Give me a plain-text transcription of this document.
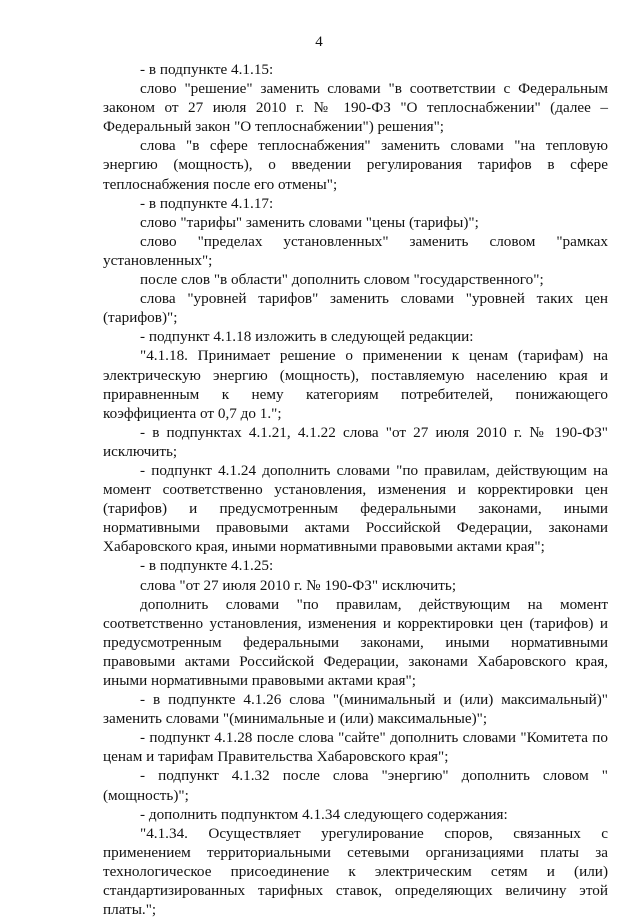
4

- в подпункте 4.1.15:

слово "решение" заменить словами "в соответствии с Федеральным законом от 27 июля 2010 г. № 190-ФЗ "О теплоснабжении" (далее – Федеральный закон "О теплоснабжении") решения";

слова "в сфере теплоснабжения" заменить словами "на тепловую энергию (мощность), о введении регулирования тарифов в сфере теплоснабжения после его отмены";

- в подпункте 4.1.17:

слово "тарифы" заменить словами "цены (тарифы)";

слово "пределах установленных" заменить словом "рамках установленных";

после слов "в области" дополнить словом "государственного";

слова "уровней тарифов" заменить словами "уровней таких цен (тарифов)";

- подпункт 4.1.18 изложить в следующей редакции:

"4.1.18. Принимает решение о применении к ценам (тарифам) на электрическую энергию (мощность), поставляемую населению края и приравненным к нему категориям потребителей, понижающего коэффициента от 0,7 до 1.";

- в подпунктах 4.1.21, 4.1.22 слова "от 27 июля 2010 г. № 190-ФЗ" исключить;

- подпункт 4.1.24 дополнить словами "по правилам, действующим на момент соответственно установления, изменения и корректировки цен (тарифов) и предусмотренным федеральными законами, иными нормативными правовыми актами Российской Федерации, законами Хабаровского края, иными нормативными правовыми актами края";

- в подпункте 4.1.25:

слова "от 27 июля 2010 г. № 190-ФЗ" исключить;

дополнить словами "по правилам, действующим на момент соответственно установления, изменения и корректировки цен (тарифов) и предусмотренным федеральными законами, иными нормативными правовыми актами Российской Федерации, законами Хабаровского края, иными нормативными правовыми актами края";

- в подпункте 4.1.26 слова "(минимальный и (или) максимальный)" заменить словами "(минимальные и (или) максимальные)";

- подпункт 4.1.28 после слова "сайте" дополнить словами "Комитета по ценам и тарифам Правительства Хабаровского края";

- подпункт 4.1.32 после слова "энергию" дополнить словом "(мощность)";

- дополнить подпунктом 4.1.34 следующего содержания:

"4.1.34. Осуществляет урегулирование споров, связанных с применением территориальными сетевыми организациями платы за технологическое присоединение к электрическим сетям и (или) стандартизированных тарифных ставок, определяющих величину этой платы.";
